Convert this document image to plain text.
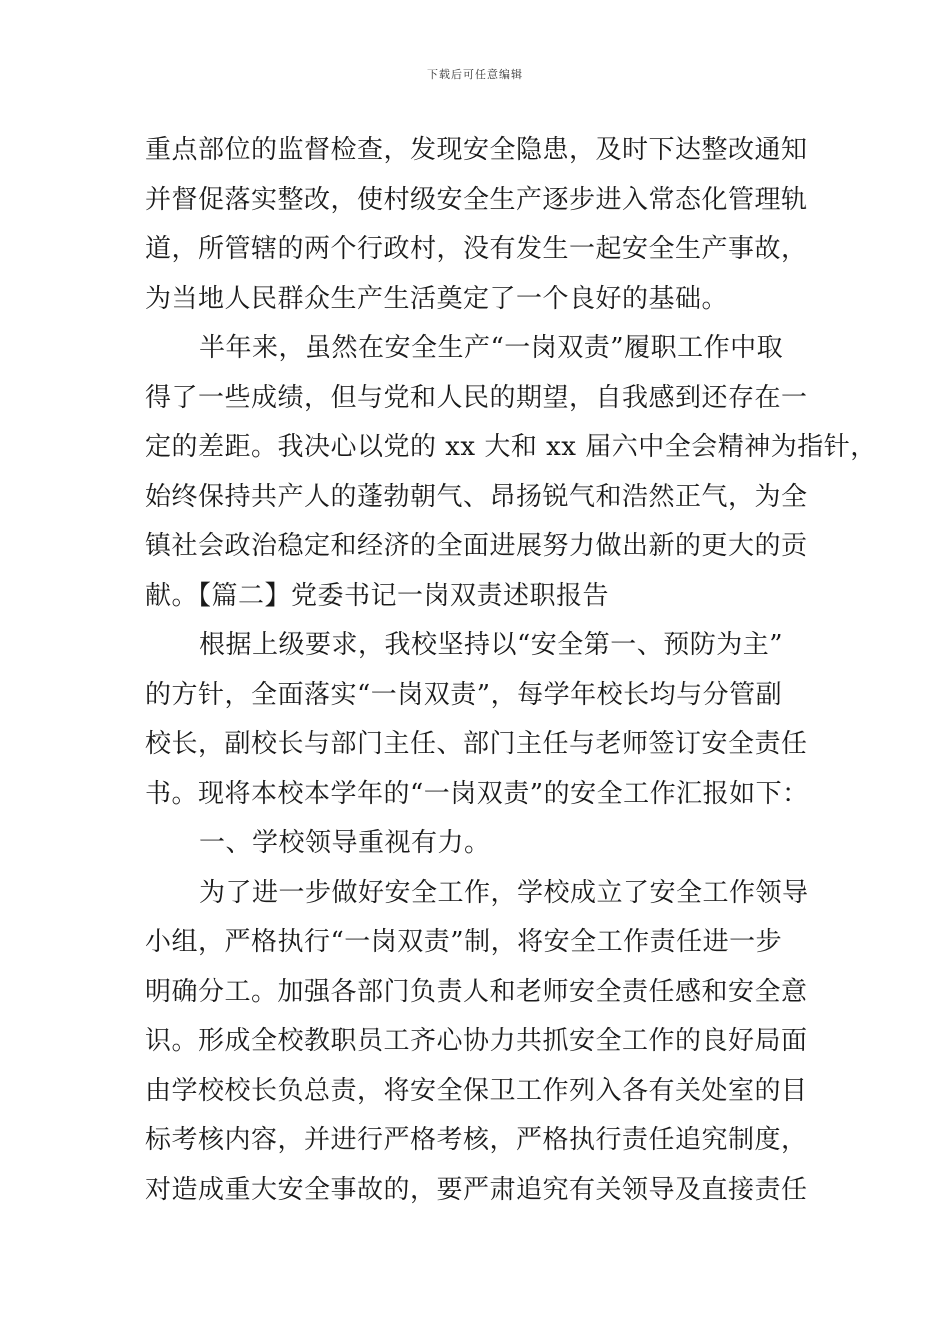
下载后可任意编辑
重点部位的监督检查，发现安全隐患，及时下达整改通知
并督促落实整改，使村级安全生产逐步进入常态化管理轨
道，所管辖的两个行政村，没有发生一起安全生产事故，
为当地人民群众生产生活奠定了一个良好的基础。
半年来，虽然在安全生产“一岗双责”履职工作中取
得了一些成绩，但与党和人民的期望，自我感到还存在一
定的差距。我决心以党的 xx 大和 xx 届六中全会精神为指针，
始终保持共产人的蓬勃朝气、昂扬锐气和浩然正气，为全
镇社会政治稳定和经济的全面进展努力做出新的更大的贡
献。【篇二】党委书记一岗双责述职报告
根据上级要求，我校坚持以“安全第一、预防为主”
的方针，全面落实“一岗双责”，每学年校长均与分管副
校长，副校长与部门主任、部门主任与老师签订安全责任
书。现将本校本学年的“一岗双责”的安全工作汇报如下：
一、学校领导重视有力。
为了进一步做好安全工作，学校成立了安全工作领导
小组，严格执行“一岗双责”制，将安全工作责任进一步
明确分工。加强各部门负责人和老师安全责任感和安全意
识。形成全校教职员工齐心协力共抓安全工作的良好局面
由学校校长负总责，将安全保卫工作列入各有关处室的目
标考核内容，并进行严格考核，严格执行责任追究制度，
对造成重大安全事故的，要严肃追究有关领导及直接责任
